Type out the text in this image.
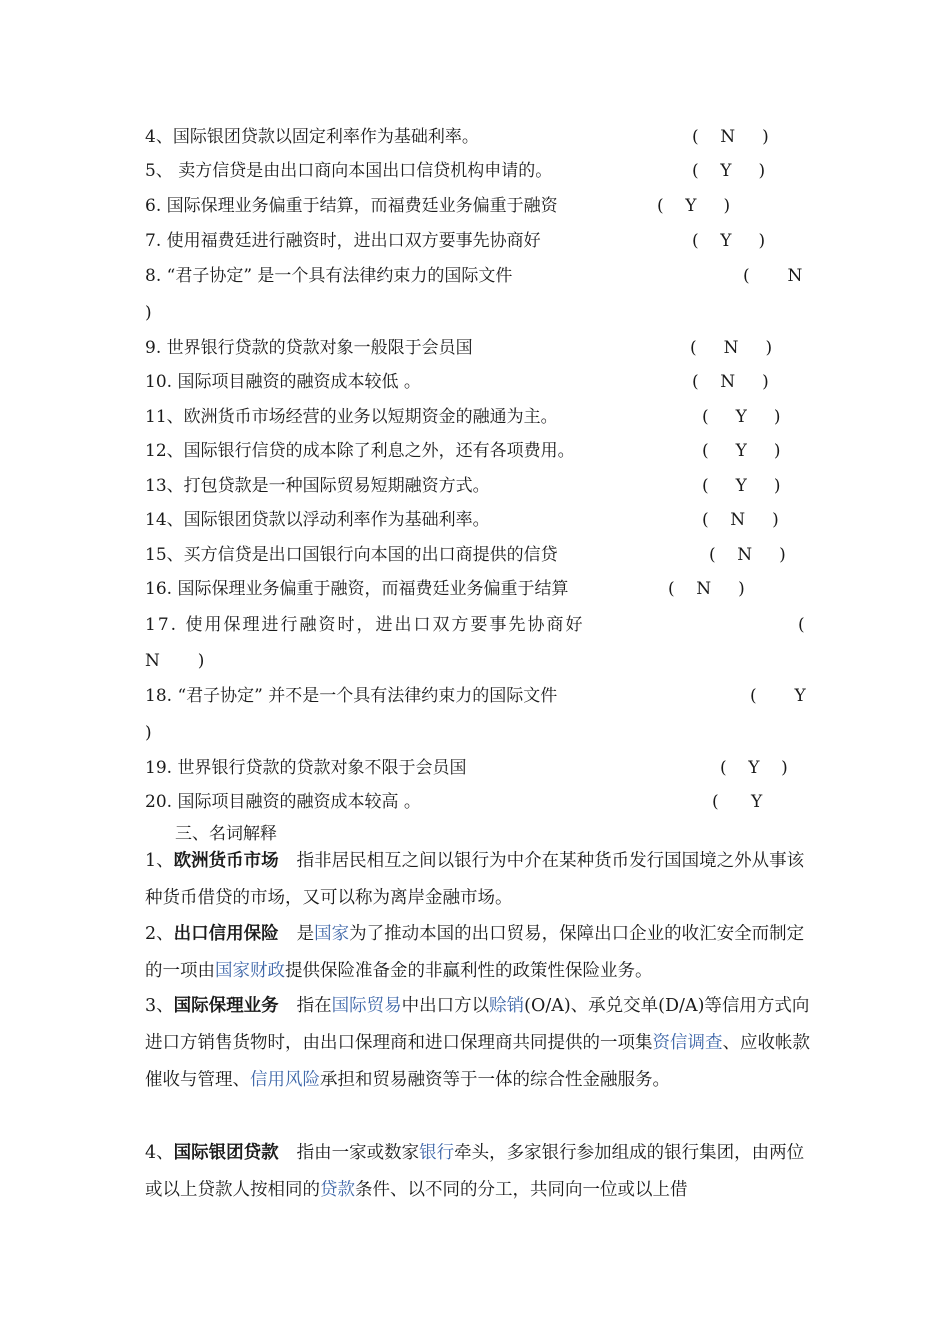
4、国际银团贷款以固定利率作为基础利率。	(    N     )
5、 卖方信贷是由出口商向本国出口信贷机构申请的。	(    Y     )
6. 国际保理业务偏重于结算，而福费廷业务偏重于融资	(    Y     )
7. 使用福费廷进行融资时，进出口双方要事先协商好	(    Y     )
8. “君子协定” 是一个具有法律约束力的国际文件	(       N
)
9. 世界银行贷款的贷款对象一般限于会员国	(     N     )
10. 国际项目融资的融资成本较低 。	(    N     )
11、欧洲货币市场经营的业务以短期资金的融通为主。	(     Y     )
12、国际银行信贷的成本除了利息之外，还有各项费用。	(     Y     )
13、打包贷款是一种国际贸易短期融资方式。	(     Y     )
14、国际银团贷款以浮动利率作为基础利率。	(    N     )
15、买方信贷是出口国银行向本国的出口商提供的信贷	(    N     )
16. 国际保理业务偏重于融资，而福费廷业务偏重于结算	(    N     )
17. 使用保理进行融资时，进出口双方要事先协商好	(
N       )
18. “君子协定” 并不是一个具有法律约束力的国际文件	(       Y
)
19. 世界银行贷款的贷款对象不限于会员国	(    Y    )
20. 国际项目融资的融资成本较高 。	(      Y
三、名词解释
1、欧洲货币市场 指非居民相互之间以银行为中介在某种货币发行国国境之外从事该种货币借贷的市场，又可以称为离岸金融市场。
2、出口信用保险 是国家为了推动本国的出口贸易，保障出口企业的收汇安全而制定的一项由国家财政提供保险准备金的非赢利性的政策性保险业务。
3、国际保理业务 指在国际贸易中出口方以赊销(O/A)、承兑交单(D/A)等信用方式向进口方销售货物时，由出口保理商和进口保理商共同提供的一项集资信调查、应收帐款催收与管理、信用风险承担和贸易融资等于一体的综合性金融服务。
4、国际银团贷款 指由一家或数家银行牵头，多家银行参加组成的银行集团，由两位或以上贷款人按相同的贷款条件、以不同的分工，共同向一位或以上借
